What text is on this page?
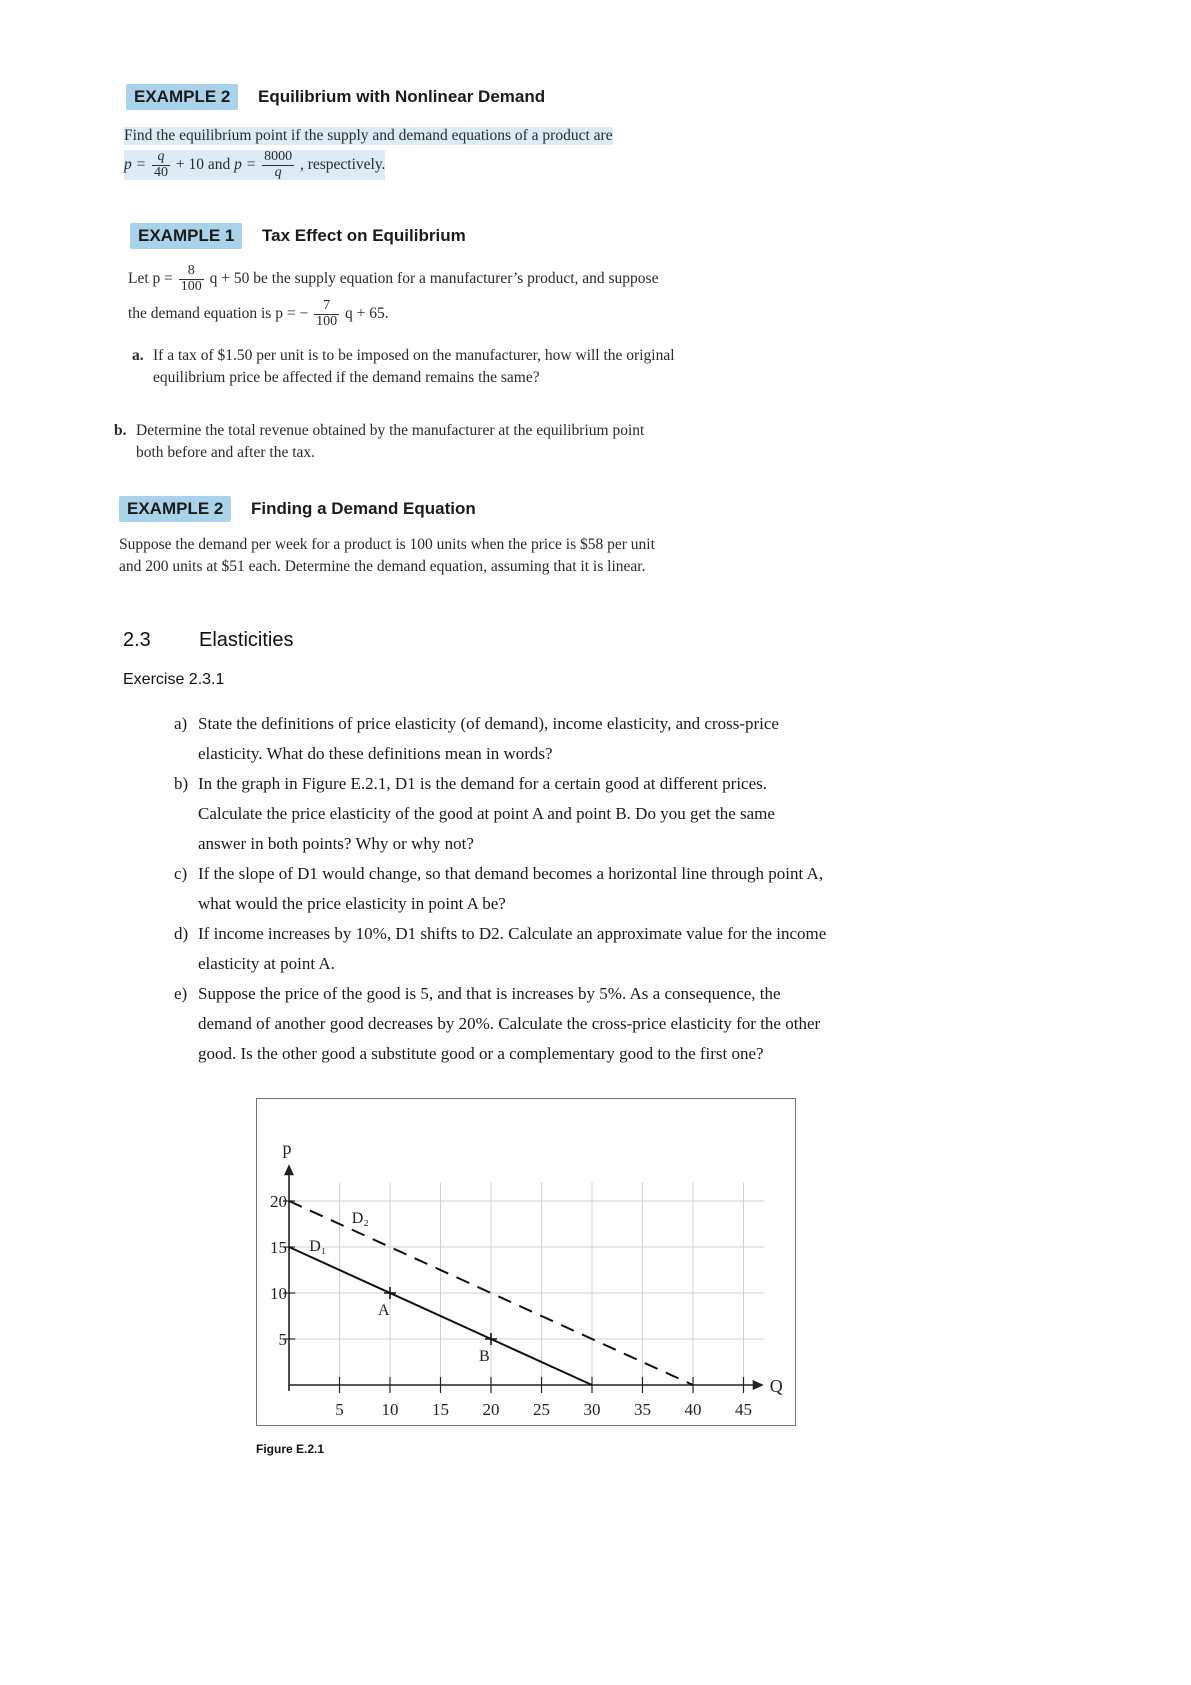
EXAMPLE 2	Equilibrium with Nonlinear Demand
Find the equilibrium point if the supply and demand equations of a product are
$p = \frac{q}{40} + 10$ and $p = \frac{8000}{q}$ , respectively.
EXAMPLE 1	Tax Effect on Equilibrium
Let $p = \frac{8}{100}$ q + 50 be the supply equation for a manufacturer’s product, and suppose
the demand equation is p = − $\frac{7}{100}$ q + 65.
a. If a tax of $1.50 per unit is to be imposed on the manufacturer, how will the original
equilibrium price be affected if the demand remains the same?
b. Determine the total revenue obtained by the manufacturer at the equilibrium point
both before and after the tax.
EXAMPLE 2	Finding a Demand Equation
Suppose the demand per week for a product is 100 units when the price is $58 per unit
and 200 units at $51 each. Determine the demand equation, assuming that it is linear.
2.3 Elasticities
Exercise 2.3.1
a) State the definitions of price elasticity (of demand), income elasticity, and cross-price
elasticity. What do these definitions mean in words?
b) In the graph in Figure E.2.1, D1 is the demand for a certain good at different prices.
Calculate the price elasticity of the good at point A and point B. Do you get the same
answer in both points? Why or why not?
c) If the slope of D1 would change, so that demand becomes a horizontal line through point A,
what would the price elasticity in point A be?
d) If income increases by 10%, D1 shifts to D2. Calculate an approximate value for the income
elasticity at point A.
e) Suppose the price of the good is 5, and that is increases by 5%. As a consequence, the
demand of another good decreases by 20%. Calculate the cross-price elasticity for the other
good. Is the other good a substitute good or a complementary good to the first one?
5 10 15 20 25 30 35 40 45
5
10
15
20
Q
p
D₁
D₂
A
B
Figure E.2.1
